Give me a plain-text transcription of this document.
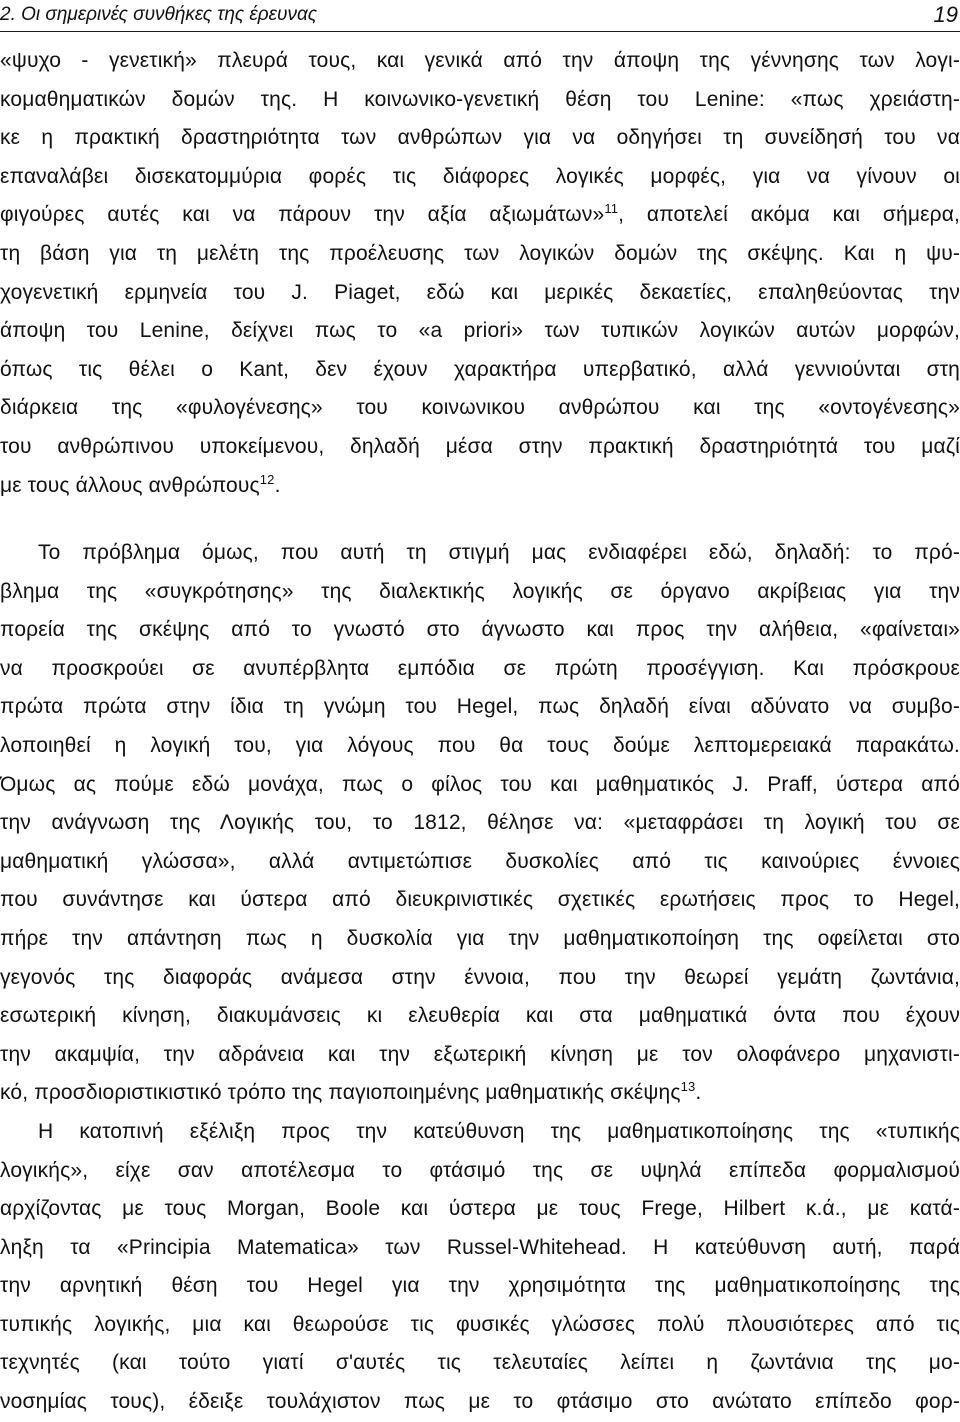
2. Οι σημερινές συνθήκες της έρευνας	19
«ψυχο - γενετική» πλευρά τους, και γενικά από την άποψη της γέννησης των λογι-
κομαθηματικών δομών της. Η κοινωνικο-γενετική θέση του Lenine: «πως χρειάστη-
κε η πρακτική δραστηριότητα των ανθρώπων για να οδηγήσει τη συνείδησή του να
επαναλάβει δισεκατομμύρια φορές τις διάφορες λογικές μορφές, για να γίνουν οι
φιγούρες αυτές και να πάρουν την αξία αξιωμάτων»$^{11}$, αποτελεί ακόμα και σήμερα,
τη βάση για τη μελέτη της προέλευσης των λογικών δομών της σκέψης. Και η ψυ-
χογενετική ερμηνεία του J. Piaget, εδώ και μερικές δεκαετίες, επαληθεύοντας την
άποψη του Lenine, δείχνει πως το «a priori» των τυπικών λογικών αυτών μορφών,
όπως τις θέλει ο Kant, δεν έχουν χαρακτήρα υπερβατικό, αλλά γεννιούνται στη
διάρκεια της «φυλογένεσης» του κοινωνικου ανθρώπου και της «οντογένεσης»
του ανθρώπινου υποκείμενου, δηλαδή μέσα στην πρακτική δραστηριότητά του μαζί
με τους άλλους ανθρώπους$^{12}$.
Το πρόβλημα όμως, που αυτή τη στιγμή μας ενδιαφέρει εδώ, δηλαδή: το πρό-
βλημα της «συγκρότησης» της διαλεκτικής λογικής σε όργανο ακρίβειας για την
πορεία της σκέψης από το γνωστό στο άγνωστο και προς την αλήθεια, «φαίνεται»
να προσκρούει σε ανυπέρβλητα εμπόδια σε πρώτη προσέγγιση. Και πρόσκρουε
πρώτα πρώτα στην ίδια τη γνώμη του Hegel, πως δηλαδή είναι αδύνατο να συμβο-
λοποιηθεί η λογική του, για λόγους που θα τους δούμε λεπτομερειακά παρακάτω.
Όμως ας πούμε εδώ μονάχα, πως ο φίλος του και μαθηματικός J. Praff, ύστερα από
την ανάγνωση της Λογικής του, το 1812, θέλησε να: «μεταφράσει τη λογική του σε
μαθηματική γλώσσα», αλλά αντιμετώπισε δυσκολίες από τις καινούριες έννοιες
που συνάντησε και ύστερα από διευκρινιστικές σχετικές ερωτήσεις προς το Hegel,
πήρε την απάντηση πως η δυσκολία για την μαθηματικοποίηση της οφείλεται στο
γεγονός της διαφοράς ανάμεσα στην έννοια, που την θεωρεί γεμάτη ζωντάνια,
εσωτερική κίνηση, διακυμάνσεις κι ελευθερία και στα μαθηματικά όντα που έχουν
την ακαμψία, την αδράνεια και την εξωτερική κίνηση με τον ολοφάνερο μηχανιστι-
κό, προσδιοριστικιστικό τρόπο της παγιοποιημένης μαθηματικής σκέψης$^{13}$.
Η κατοπινή εξέλιξη προς την κατεύθυνση της μαθηματικοποίησης της «τυπικής
λογικής», είχε σαν αποτέλεσμα το φτάσιμό της σε υψηλά επίπεδα φορμαλισμού
αρχίζοντας με τους Morgan, Boole και ύστερα με τους Frege, Hilbert κ.ά., με κατά-
ληξη τα «Principia Matematica» των Russel-Whitehead. Η κατεύθυνση αυτή, παρά
την αρνητική θέση του Hegel για την χρησιμότητα της μαθηματικοποίησης της
τυπικής λογικής, μια και θεωρούσε τις φυσικές γλώσσες πολύ πλουσιότερες από τις
τεχνητές (και τούτο γιατί σ'αυτές τις τελευταίες λείπει η ζωντάνια της μο-
νοσημίας τους), έδειξε τουλάχιστον πως με το φτάσιμο στο ανώτατο επίπεδο φορ-
